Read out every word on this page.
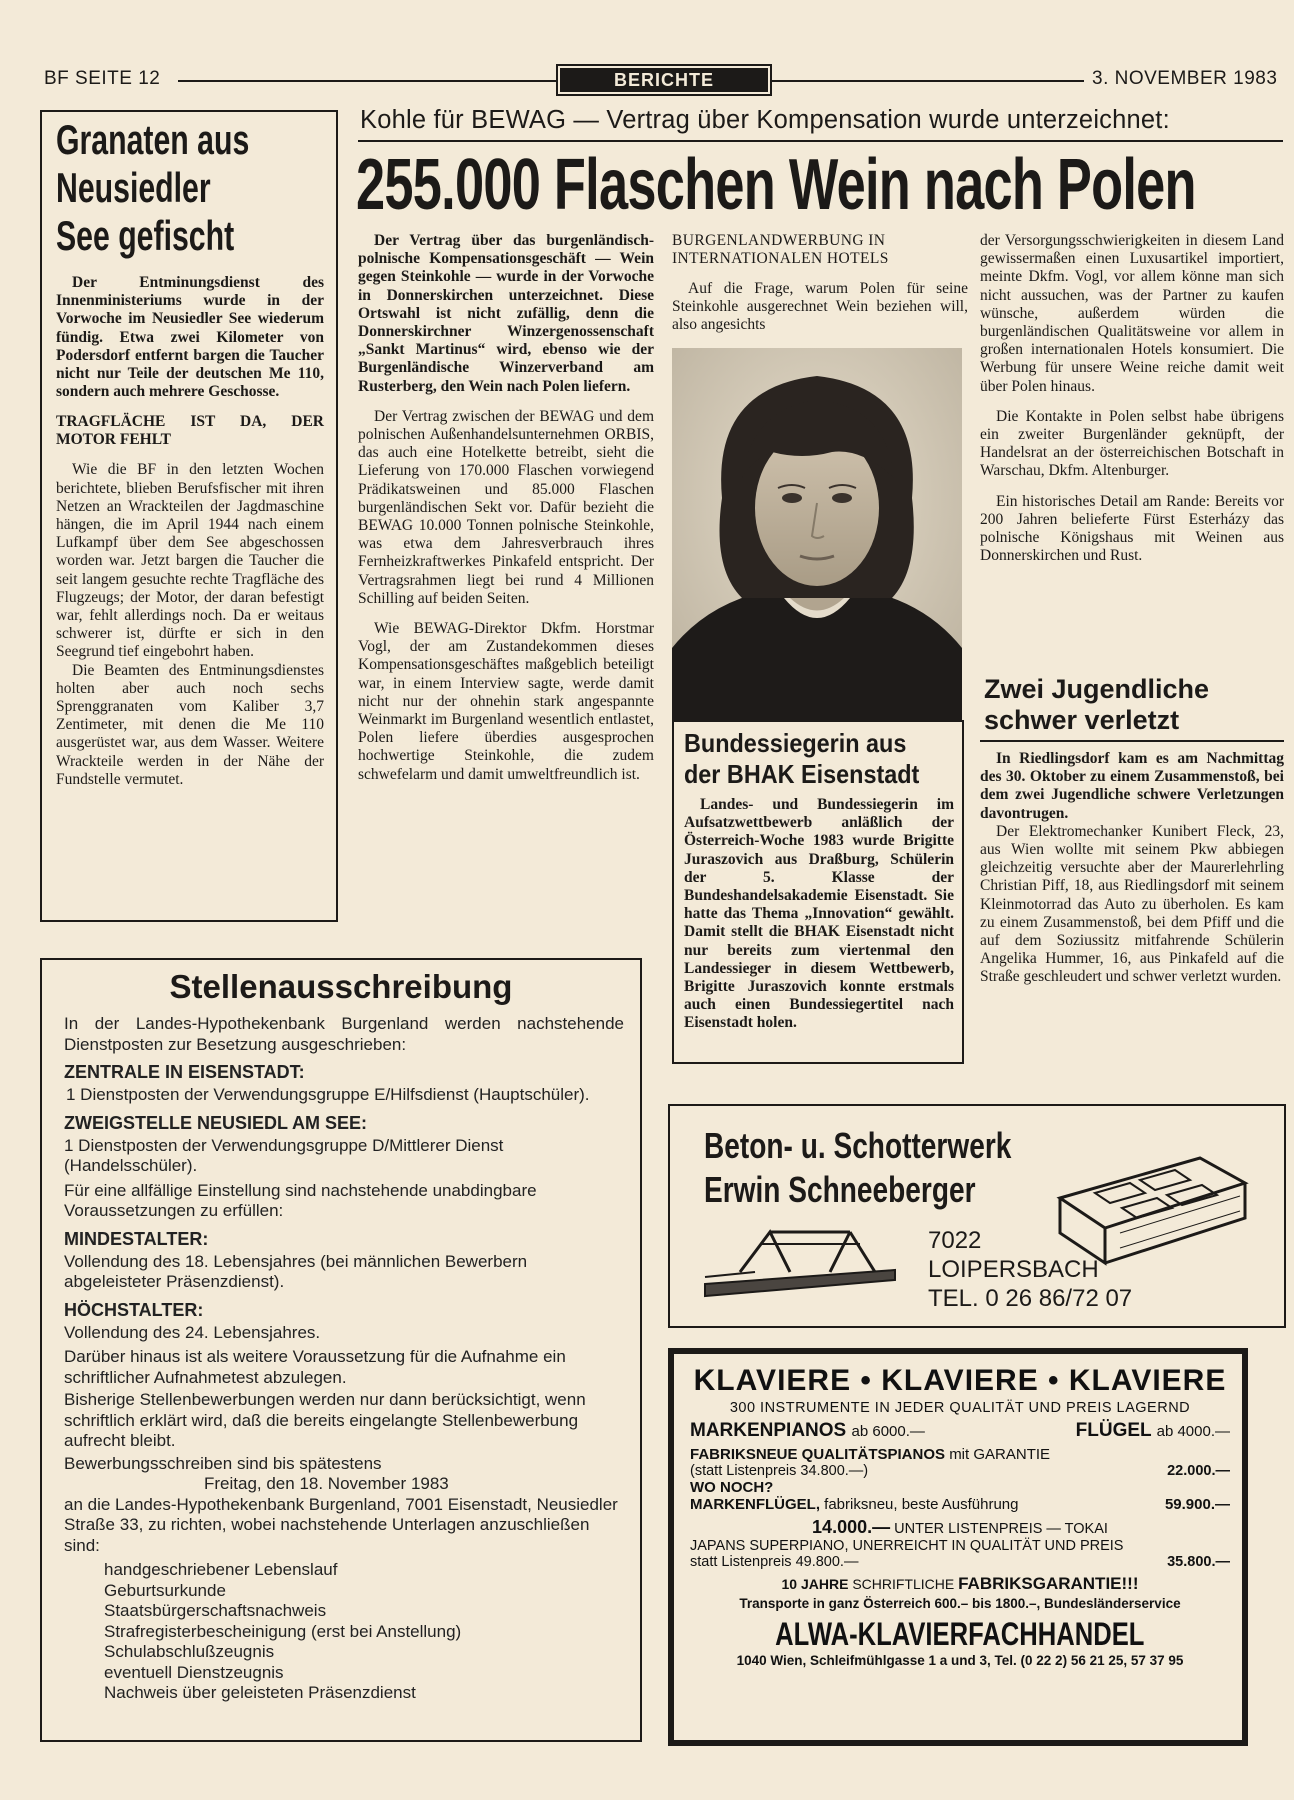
BF SEITE 12	BERICHTE	3. NOVEMBER 1983
Granaten aus
Neusiedler
See gefischt

Der Entminungsdienst des Innenministeriums wurde in der Vorwoche im Neusiedler See wiederum fündig. Etwa zwei Kilometer von Podersdorf entfernt bargen die Taucher nicht nur Teile der deutschen Me 110, sondern auch mehrere Geschosse.

TRAGFLÄCHE IST DA, DER MOTOR FEHLT

Wie die BF in den letzten Wochen berichtete, blieben Berufsfischer mit ihren Netzen an Wrackteilen der Jagdmaschine hängen, die im April 1944 nach einem Lufkampf über dem See abgeschossen worden war. Jetzt bargen die Taucher die seit langem gesuchte rechte Tragfläche des Flugzeugs; der Motor, der daran befestigt war, fehlt allerdings noch. Da er weitaus schwerer ist, dürfte er sich in den Seegrund tief eingebohrt haben.

Die Beamten des Entminungsdienstes holten aber auch noch sechs Sprenggranaten vom Kaliber 3,7 Zentimeter, mit denen die Me 110 ausgerüstet war, aus dem Wasser. Weitere Wrackteile werden in der Nähe der Fundstelle vermutet.

Kohle für BEWAG — Vertrag über Kompensation wurde unterzeichnet:
255.000 Flaschen Wein nach Polen

Der Vertrag über das burgenländisch-polnische Kompensationsgeschäft — Wein gegen Steinkohle — wurde in der Vorwoche in Donnerskirchen unterzeichnet. Diese Ortswahl ist nicht zufällig, denn die Donnerskirchner Winzergenossenschaft „Sankt Martinus“ wird, ebenso wie der Burgenländische Winzerverband am Rusterberg, den Wein nach Polen liefern.

Der Vertrag zwischen der BEWAG und dem polnischen Außenhandelsunternehmen ORBIS, das auch eine Hotelkette betreibt, sieht die Lieferung von 170.000 Flaschen vorwiegend Prädikatsweinen und 85.000 Flaschen burgenländischen Sekt vor. Dafür bezieht die BEWAG 10.000 Tonnen polnische Steinkohle, was etwa dem Jahresverbrauch ihres Fernheizkraftwerkes Pinkafeld entspricht. Der Vertragsrahmen liegt bei rund 4 Millionen Schilling auf beiden Seiten.

Wie BEWAG-Direktor Dkfm. Horstmar Vogl, der am Zustandekommen dieses Kompensationsgeschäftes maßgeblich beteiligt war, in einem Interview sagte, werde damit nicht nur der ohnehin stark angespannte Weinmarkt im Burgenland wesentlich entlastet, Polen liefere überdies ausgesprochen hochwertige Steinkohle, die zudem schwefelarm und damit umweltfreundlich ist.

BURGENLANDWERBUNG IN INTERNATIONALEN HOTELS

Auf die Frage, warum Polen für seine Steinkohle ausgerechnet Wein beziehen will, also angesichts

Bundessiegerin aus
der BHAK Eisenstadt

Landes- und Bundessiegerin im Aufsatzwettbewerb anläßlich der Österreich-Woche 1983 wurde Brigitte Juraszovich aus Draßburg, Schülerin der 5. Klasse der Bundeshandelsakademie Eisenstadt. Sie hatte das Thema „Innovation“ gewählt. Damit stellt die BHAK Eisenstadt nicht nur bereits zum viertenmal den Landessieger in diesem Wettbewerb, Brigitte Juraszovich konnte erstmals auch einen Bundessiegertitel nach Eisenstadt holen.

der Versorgungsschwierigkeiten in diesem Land gewissermaßen einen Luxusartikel importiert, meinte Dkfm. Vogl, vor allem könne man sich nicht aussuchen, was der Partner zu kaufen wünsche, außerdem würden die burgenländischen Qualitätsweine vor allem in großen internationalen Hotels konsumiert. Die Werbung für unsere Weine reiche damit weit über Polen hinaus.

Die Kontakte in Polen selbst habe übrigens ein zweiter Burgenländer geknüpft, der Handelsrat an der österreichischen Botschaft in Warschau, Dkfm. Altenburger.

Ein historisches Detail am Rande: Bereits vor 200 Jahren belieferte Fürst Esterházy das polnische Königshaus mit Weinen aus Donnerskirchen und Rust.

Zwei Jugendliche
schwer verletzt

In Riedlingsdorf kam es am Nachmittag des 30. Oktober zu einem Zusammenstoß, bei dem zwei Jugendliche schwere Verletzungen davontrugen.

Der Elektromechanker Kunibert Fleck, 23, aus Wien wollte mit seinem Pkw abbiegen gleichzeitig versuchte aber der Maurerlehrling Christian Piff, 18, aus Riedlingsdorf mit seinem Kleinmotorrad das Auto zu überholen. Es kam zu einem Zusammenstoß, bei dem Pfiff und die auf dem Soziussitz mitfahrende Schülerin Angelika Hummer, 16, aus Pinkafeld auf die Straße geschleudert und schwer verletzt wurden.

Stellenausschreibung

In der Landes-Hypothekenbank Burgenland werden nachstehende Dienstposten zur Besetzung ausgeschrieben:

ZENTRALE IN EISENSTADT:

1 Dienstposten der Verwendungsgruppe E/Hilfsdienst (Hauptschüler).

ZWEIGSTELLE NEUSIEDL AM SEE:

1 Dienstposten der Verwendungsgruppe D/Mittlerer Dienst (Handelsschüler).

Für eine allfällige Einstellung sind nachstehende unabdingbare Voraussetzungen zu erfüllen:

MINDESTALTER:

Vollendung des 18. Lebensjahres (bei männlichen Bewerbern abgeleisteter Präsenzdienst).

HÖCHSTALTER:

Vollendung des 24. Lebensjahres.

Darüber hinaus ist als weitere Voraussetzung für die Aufnahme ein schriftlicher Aufnahmetest abzulegen.

Bisherige Stellenbewerbungen werden nur dann berücksichtigt, wenn schriftlich erklärt wird, daß die bereits eingelangte Stellenbewerbung aufrecht bleibt.

Bewerbungsschreiben sind bis spätestens

Freitag, den 18. November 1983

an die Landes-Hypothekenbank Burgenland, 7001 Eisenstadt, Neusiedler Straße 33, zu richten, wobei nachstehende Unterlagen anzuschließen sind:

handgeschriebener Lebenslauf
Geburtsurkunde
Staatsbürgerschaftsnachweis
Strafregisterbescheinigung (erst bei Anstellung)
Schulabschlußzeugnis
eventuell Dienstzeugnis
Nachweis über geleisteten Präsenzdienst
Beton- u. Schotterwerk
Erwin Schneeberger
7022
LOIPERSBACH
TEL. 0 26 86/72 07
KLAVIERE • KLAVIERE • KLAVIERE
300 INSTRUMENTE IN JEDER QUALITÄT UND PREIS LAGERND
MARKENPIANOS ab 6000.—	FLÜGEL ab 4000.—
FABRIKSNEUE QUALITÄTSPIANOS mit GARANTIE
(statt Listenpreis 34.800.—)	22.000.—
WO NOCH?
MARKENFLÜGEL, fabriksneu, beste Ausführung	59.900.—
14.000.— UNTER LISTENPREIS — TOKAI
JAPANS SUPERPIANO, UNERREICHT IN QUALITÄT UND PREIS
statt Listenpreis 49.800.—	35.800.—
10 JAHRE SCHRIFTLICHE FABRIKSGARANTIE!!!
Transporte in ganz Österreich 600.– bis 1800.–, Bundesländerservice
ALWA-KLAVIERFACHHANDEL
1040 Wien, Schleifmühlgasse 1 a und 3, Tel. (0 22 2) 56 21 25, 57 37 95
